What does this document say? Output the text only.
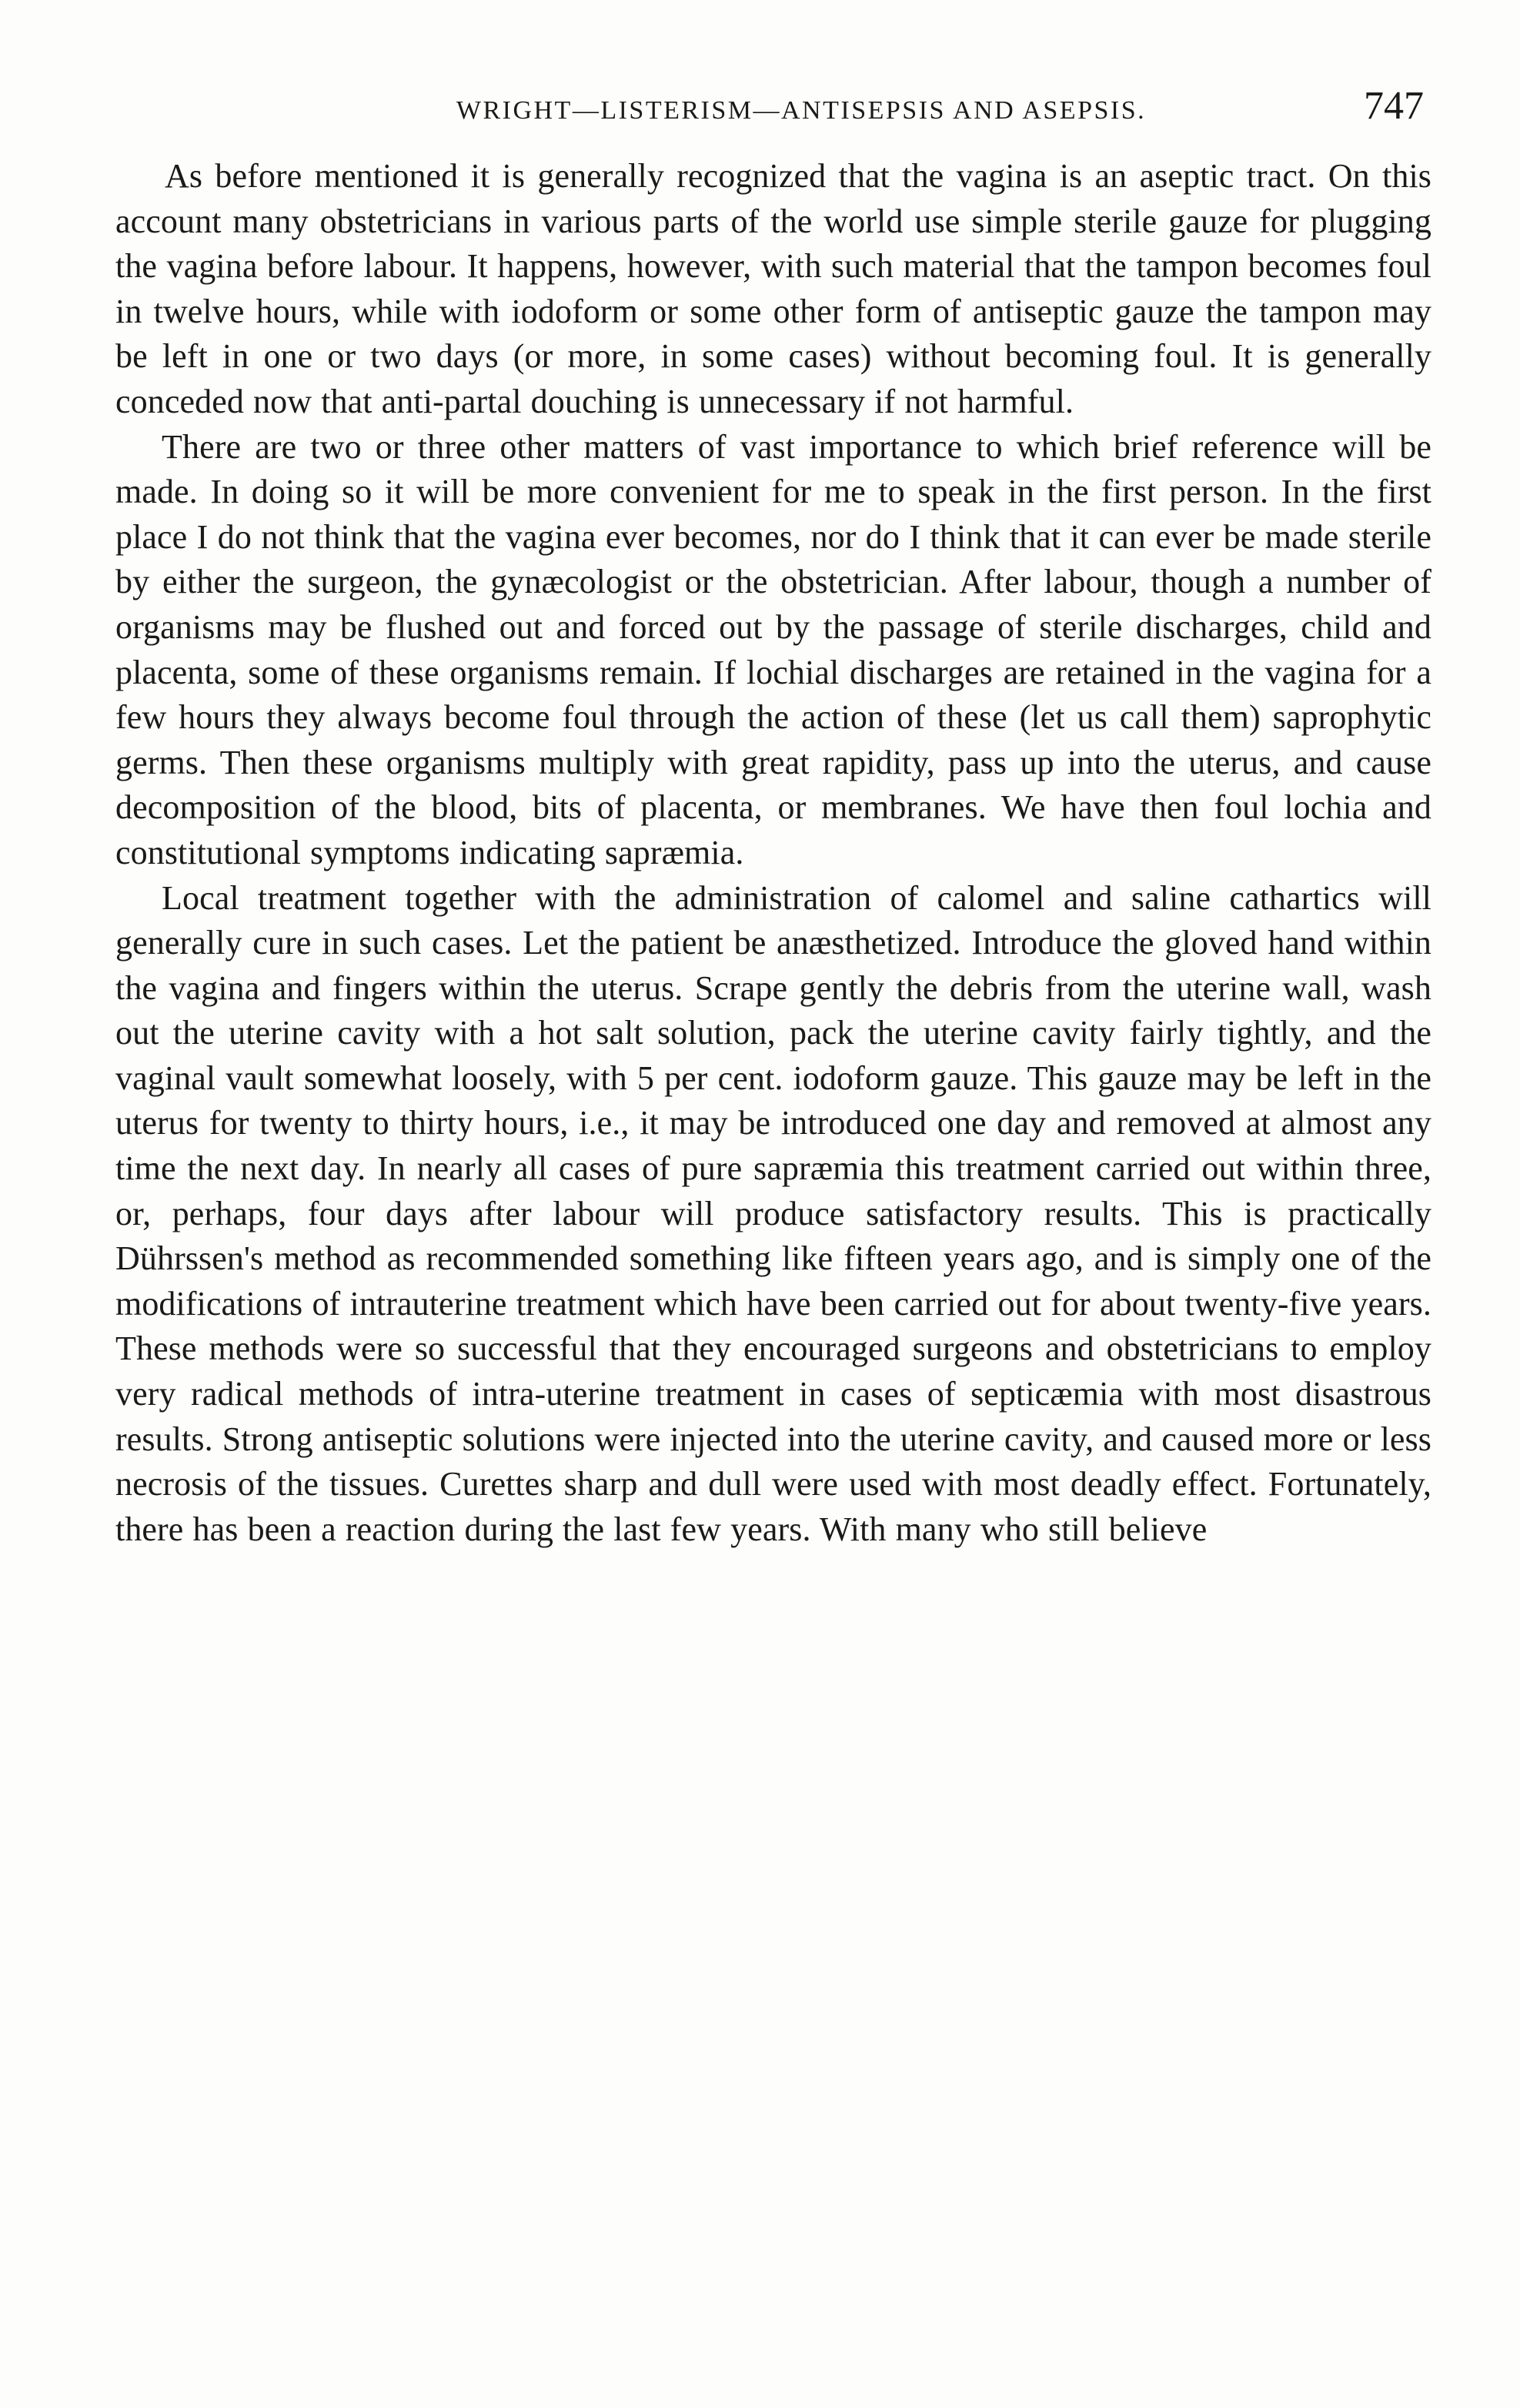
WRIGHT—LISTERISM—ANTISEPSIS AND ASEPSIS.	747

As before mentioned it is generally recognized that the vagina is an aseptic tract. On this account many obstetricians in various parts of the world use simple sterile gauze for plugging the vagina before labour. It happens, however, with such material that the tampon becomes foul in twelve hours, while with iodoform or some other form of antiseptic gauze the tampon may be left in one or two days (or more, in some cases) without becoming foul. It is generally conceded now that anti-partal douching is unnecessary if not harmful.

There are two or three other matters of vast importance to which brief reference will be made. In doing so it will be more convenient for me to speak in the first person. In the first place I do not think that the vagina ever becomes, nor do I think that it can ever be made sterile by either the surgeon, the gynæcologist or the obstetrician. After labour, though a number of organisms may be flushed out and forced out by the passage of sterile discharges, child and placenta, some of these organisms remain. If lochial discharges are retained in the vagina for a few hours they always become foul through the action of these (let us call them) saprophytic germs. Then these organisms multiply with great rapidity, pass up into the uterus, and cause decomposition of the blood, bits of placenta, or membranes. We have then foul lochia and constitutional symptoms indicating sapræmia.

Local treatment together with the administration of calomel and saline cathartics will generally cure in such cases. Let the patient be anæsthetized. Introduce the gloved hand within the vagina and fingers within the uterus. Scrape gently the debris from the uterine wall, wash out the uterine cavity with a hot salt solution, pack the uterine cavity fairly tightly, and the vaginal vault somewhat loosely, with 5 per cent. iodoform gauze. This gauze may be left in the uterus for twenty to thirty hours, i.e., it may be introduced one day and removed at almost any time the next day. In nearly all cases of pure sapræmia this treatment carried out within three, or, perhaps, four days after labour will produce satisfactory results. This is practically Dührssen's method as recommended something like fifteen years ago, and is simply one of the modifications of intrauterine treatment which have been carried out for about twenty-five years. These methods were so successful that they encouraged surgeons and obstetricians to employ very radical methods of intra-uterine treatment in cases of septicæmia with most disastrous results. Strong antiseptic solutions were injected into the uterine cavity, and caused more or less necrosis of the tissues. Curettes sharp and dull were used with most deadly effect. Fortunately, there has been a reaction during the last few years. With many who still believe
